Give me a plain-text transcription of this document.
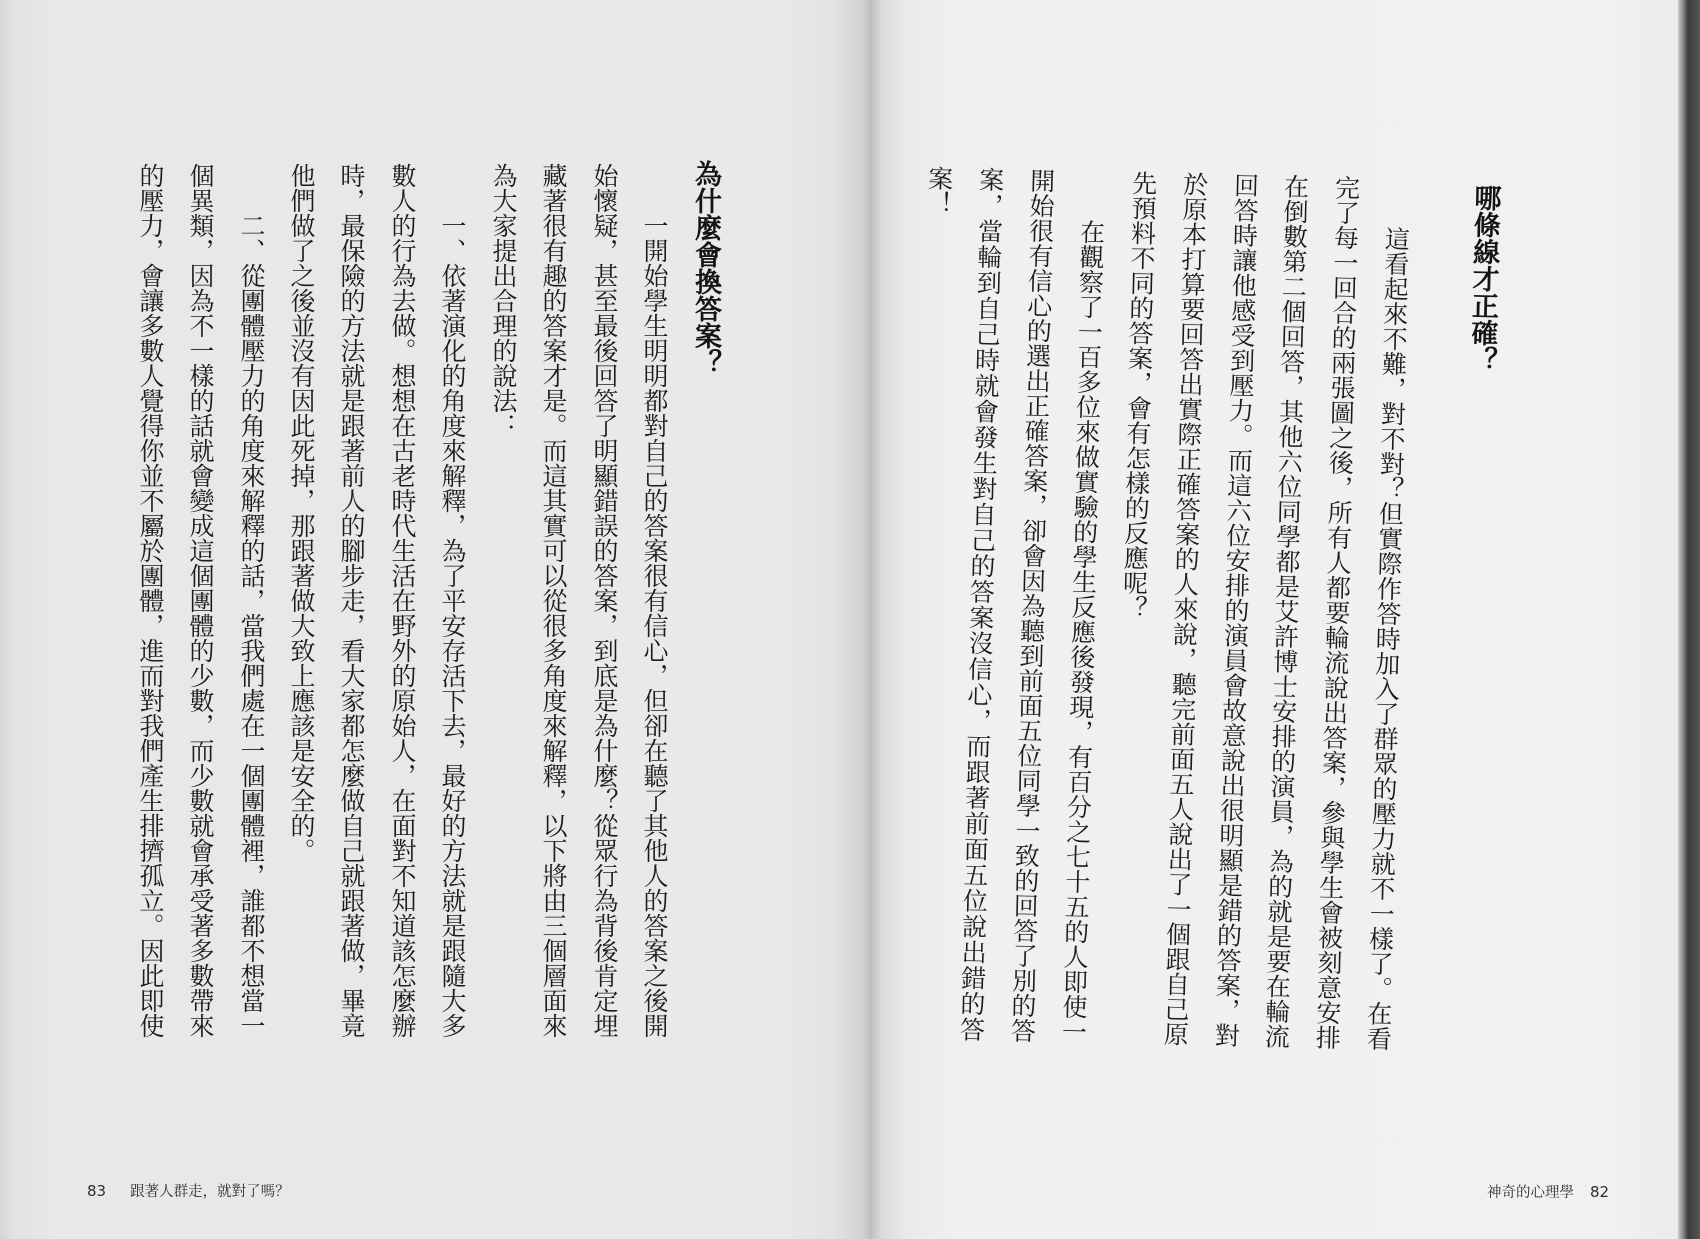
為什麼會換答案？
一開始學生明明都對自己的答案很有信心，但卻在聽了其他人的答案之後開
始懷疑，甚至最後回答了明顯錯誤的答案，到底是為什麼？從眾行為背後肯定埋
藏著很有趣的答案才是。而這其實可以從很多角度來解釋，以下將由三個層面來
為大家提出合理的說法：
一、依著演化的角度來解釋，為了平安存活下去，最好的方法就是跟隨大多
數人的行為去做。想想在古老時代生活在野外的原始人，在面對不知道該怎麼辦
時，最保險的方法就是跟著前人的腳步走，看大家都怎麼做自己就跟著做，畢竟
他們做了之後並沒有因此死掉，那跟著做大致上應該是安全的。
二、從團體壓力的角度來解釋的話，當我們處在一個團體裡，誰都不想當一
個異類，因為不一樣的話就會變成這個團體的少數，而少數就會承受著多數帶來
的壓力，會讓多數人覺得你並不屬於團體，進而對我們產生排擠孤立。因此即使
83 跟著人群走，就對了嗎？
哪條線才正確？
這看起來不難，對不對？但實際作答時加入了群眾的壓力就不一樣了。在看
完了每一回合的兩張圖之後，所有人都要輪流說出答案，參與學生會被刻意安排
在倒數第二個回答，其他六位同學都是艾許博士安排的演員，為的就是要在輪流
回答時讓他感受到壓力。而這六位安排的演員會故意說出很明顯是錯的答案，對
於原本打算要回答出實際正確答案的人來說，聽完前面五人說出了一個跟自己原
先預料不同的答案，會有怎樣的反應呢？
在觀察了一百多位來做實驗的學生反應後發現，有百分之七十五的人即使一
開始很有信心的選出正確答案，卻會因為聽到前面五位同學一致的回答了別的答
案，當輪到自己時就會發生對自己的答案沒信心，而跟著前面五位說出錯的答
案！
神奇的心理學 82
